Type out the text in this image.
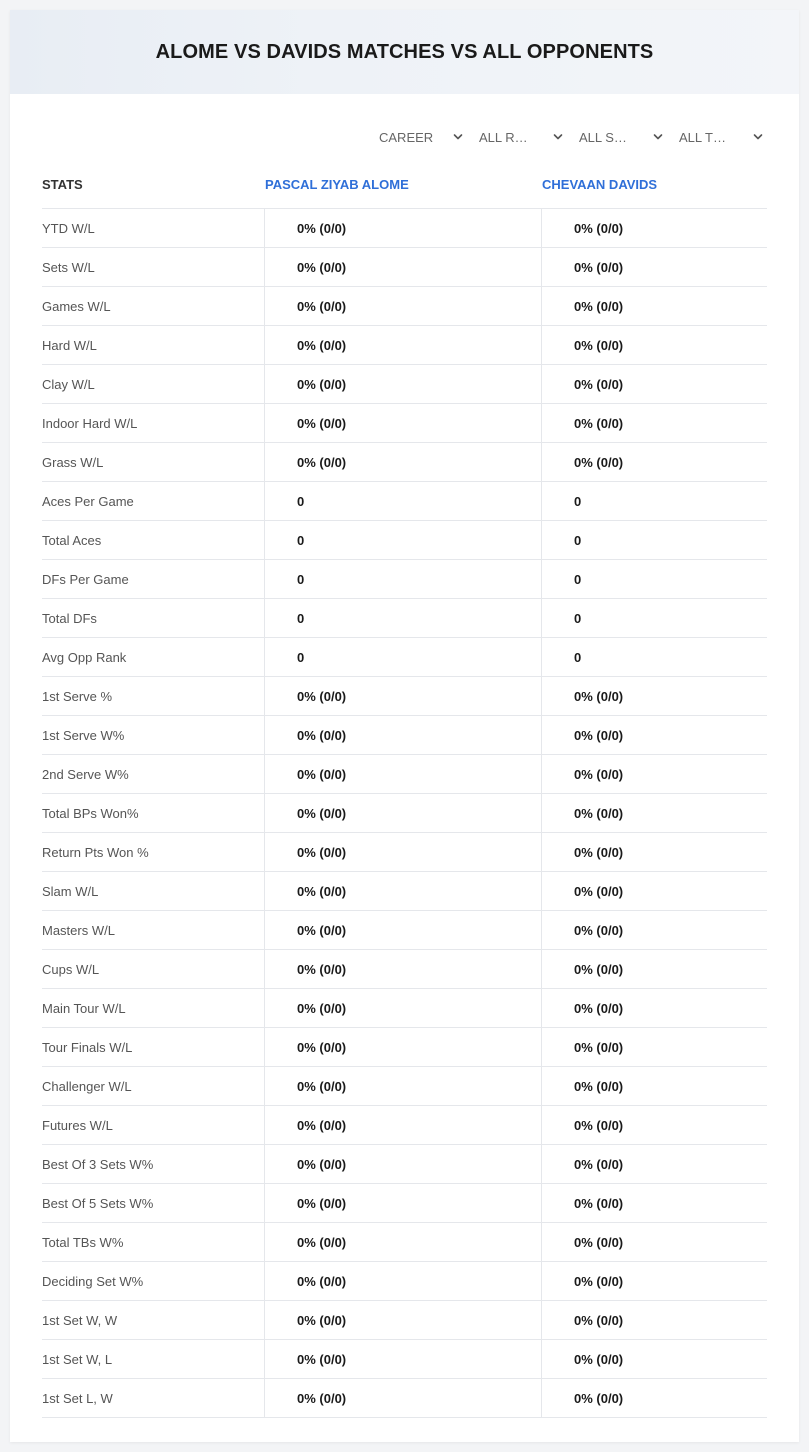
ALOME VS DAVIDS MATCHES VS ALL OPPONENTS
CAREER	ALL R…	ALL S…	ALL T…
STATS	PASCAL ZIYAB ALOME	CHEVAAN DAVIDS
YTD W/L	0% (0/0)	0% (0/0)
Sets W/L	0% (0/0)	0% (0/0)
Games W/L	0% (0/0)	0% (0/0)
Hard W/L	0% (0/0)	0% (0/0)
Clay W/L	0% (0/0)	0% (0/0)
Indoor Hard W/L	0% (0/0)	0% (0/0)
Grass W/L	0% (0/0)	0% (0/0)
Aces Per Game	0	0
Total Aces	0	0
DFs Per Game	0	0
Total DFs	0	0
Avg Opp Rank	0	0
1st Serve %	0% (0/0)	0% (0/0)
1st Serve W%	0% (0/0)	0% (0/0)
2nd Serve W%	0% (0/0)	0% (0/0)
Total BPs Won%	0% (0/0)	0% (0/0)
Return Pts Won %	0% (0/0)	0% (0/0)
Slam W/L	0% (0/0)	0% (0/0)
Masters W/L	0% (0/0)	0% (0/0)
Cups W/L	0% (0/0)	0% (0/0)
Main Tour W/L	0% (0/0)	0% (0/0)
Tour Finals W/L	0% (0/0)	0% (0/0)
Challenger W/L	0% (0/0)	0% (0/0)
Futures W/L	0% (0/0)	0% (0/0)
Best Of 3 Sets W%	0% (0/0)	0% (0/0)
Best Of 5 Sets W%	0% (0/0)	0% (0/0)
Total TBs W%	0% (0/0)	0% (0/0)
Deciding Set W%	0% (0/0)	0% (0/0)
1st Set W, W	0% (0/0)	0% (0/0)
1st Set W, L	0% (0/0)	0% (0/0)
1st Set L, W	0% (0/0)	0% (0/0)
